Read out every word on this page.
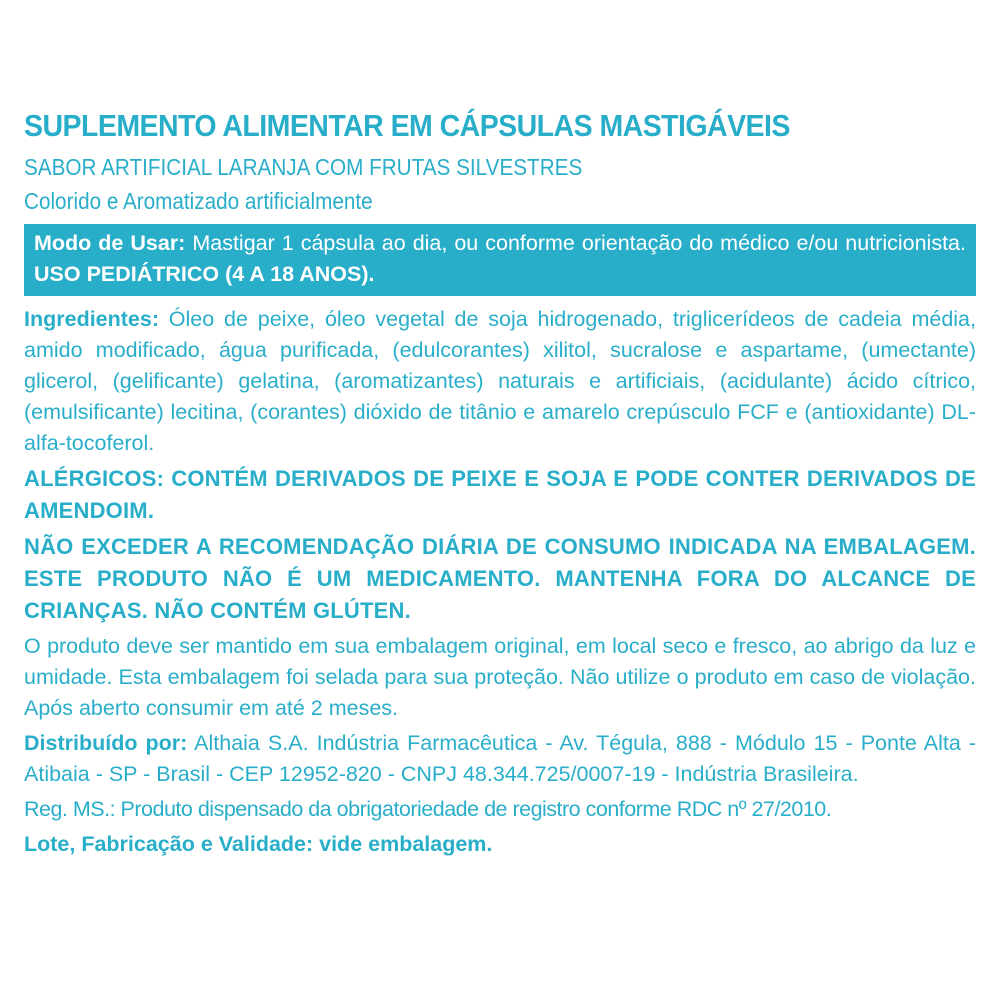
SUPLEMENTO ALIMENTAR EM CÁPSULAS MASTIGÁVEIS

SABOR ARTIFICIAL LARANJA COM FRUTAS SILVESTRES

Colorido e Aromatizado artificialmente

Modo de Usar: Mastigar 1 cápsula ao dia, ou conforme orientação do médico e/ou nutricionista. USO PEDIÁTRICO (4 A 18 ANOS).

Ingredientes: Óleo de peixe, óleo vegetal de soja hidrogenado, triglicerídeos de cadeia média, amido modificado, água purificada, (edulcorantes) xilitol, sucralose e aspartame, (umectante) glicerol, (gelificante) gelatina, (aromatizantes) naturais e artificiais, (acidulante) ácido cítrico, (emulsificante) lecitina, (corantes) dióxido de titânio e amarelo crepúsculo FCF e (antioxidante) DL-alfa-tocoferol.

ALÉRGICOS: CONTÉM DERIVADOS DE PEIXE E SOJA E PODE CONTER DERIVADOS DE AMENDOIM.

NÃO EXCEDER A RECOMENDAÇÃO DIÁRIA DE CONSUMO INDICADA NA EMBALAGEM. ESTE PRODUTO NÃO É UM MEDICAMENTO. MANTENHA FORA DO ALCANCE DE CRIANÇAS. NÃO CONTÉM GLÚTEN.

O produto deve ser mantido em sua embalagem original, em local seco e fresco, ao abrigo da luz e umidade. Esta embalagem foi selada para sua proteção. Não utilize o produto em caso de violação. Após aberto consumir em até 2 meses.

Distribuído por: Althaia S.A. Indústria Farmacêutica - Av. Tégula, 888 - Módulo 15 - Ponte Alta - Atibaia - SP - Brasil - CEP 12952-820 - CNPJ 48.344.725/0007-19 - Indústria Brasileira.

Reg. MS.: Produto dispensado da obrigatoriedade de registro conforme RDC nº 27/2010.

Lote, Fabricação e Validade: vide embalagem.
